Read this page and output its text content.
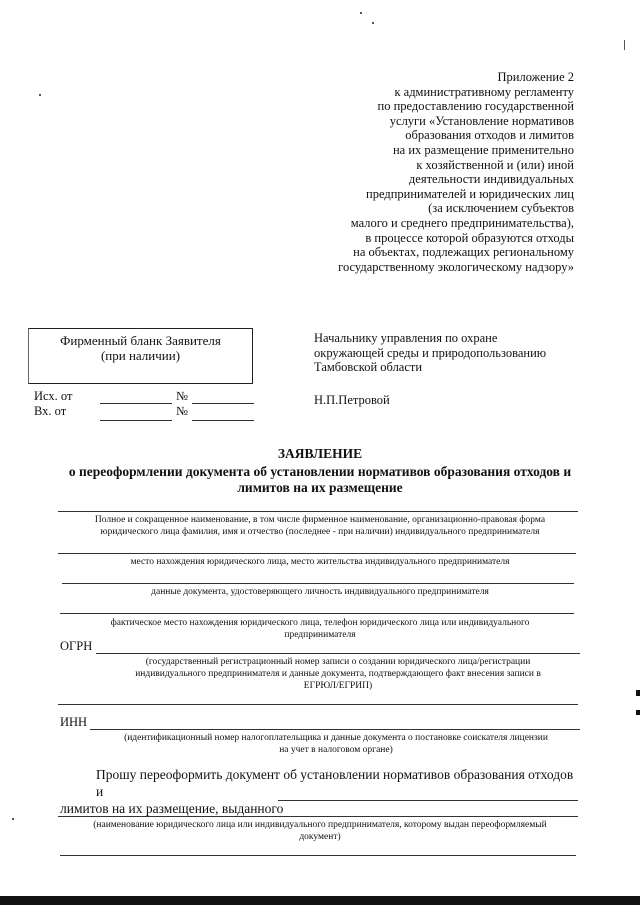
Приложение 2
к административному регламенту
по предоставлению государственной
услуги «Установление нормативов
образования отходов и лимитов
на их размещение применительно
к хозяйственной и (или) иной
деятельности индивидуальных
предпринимателей и юридических лиц
(за исключением субъектов
малого и среднего предпринимательства),
в процессе которой образуются отходы
на объектах, подлежащих региональному
государственному экологическому надзору»
Фирменный бланк Заявителя
(при наличии)
Исх. от	№
Вх. от	№
Начальнику управления по охране
окружающей среды и природопользованию
Тамбовской области
Н.П.Петровой
ЗАЯВЛЕНИЕ
о переоформлении документа об установлении нормативов образования отходов и
лимитов на их размещение
Полное и сокращенное наименование, в том числе фирменное наименование, организационно-правовая форма
юридического лица фамилия, имя и отчество (последнее - при наличии) индивидуального предпринимателя
место нахождения юридического лица, место жительства индивидуального предпринимателя
данные документа, удостоверяющего личность индивидуального предпринимателя
фактическое место нахождения юридического лица, телефон юридического лица или индивидуального
предпринимателя
ОГРН
(государственный регистрационный номер записи о создании юридического лица/регистрации
индивидуального предпринимателя и данные документа, подтверждающего факт внесения записи в
ЕГРЮЛ/ЕГРИП)
ИНН
(идентификационный номер налогоплательщика и данные документа о постановке соискателя лицензии
на учет в налоговом органе)
Прошу переоформить документ об установлении нормативов образования отходов и
лимитов на их размещение, выданного
(наименование юридического лица или индивидуального предпринимателя, которому выдан переоформляемый
документ)
